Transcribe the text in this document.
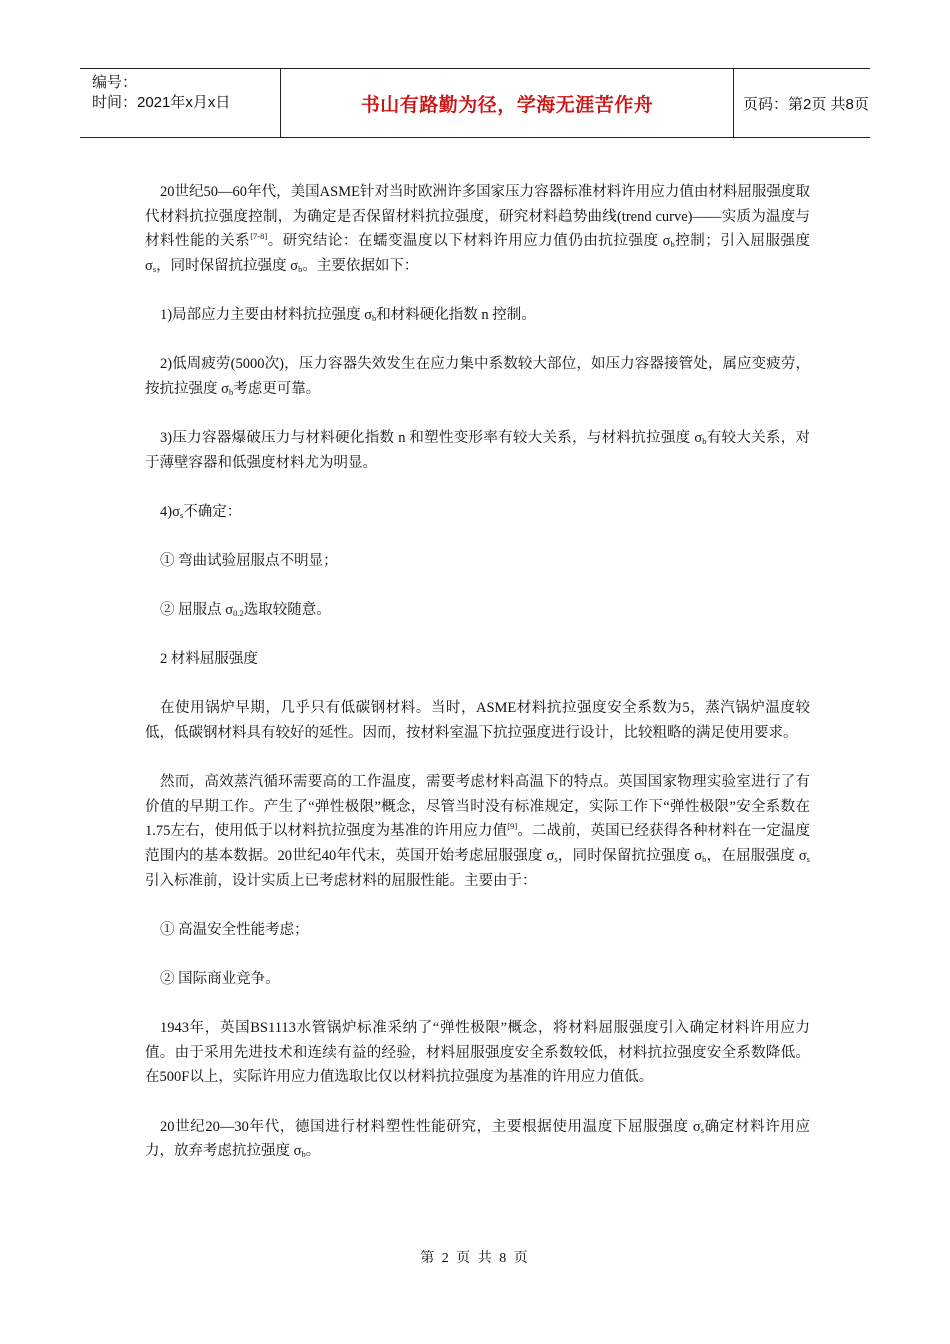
编号：
时间：2021年x月x日	书山有路勤为径，学海无涯苦作舟	页码：第2页 共8页

20世纪50—60年代，美国ASME针对当时欧洲许多国家压力容器标准材料许用应力值由材料屈服强度取代材料抗拉强度控制，为确定是否保留材料抗拉强度，研究材料趋势曲线(trend curve)——实质为温度与材料性能的关系[7-8]。研究结论：在蠕变温度以下材料许用应力值仍由抗拉强度 $\sigma_b$控制；引入屈服强度 $\sigma_s$，同时保留抗拉强度 $\sigma_b$。主要依据如下：

1)局部应力主要由材料抗拉强度 $\sigma_b$和材料硬化指数 n 控制。

2)低周疲劳(5000次)，压力容器失效发生在应力集中系数较大部位，如压力容器接管处，属应变疲劳，按抗拉强度 $\sigma_b$考虑更可靠。

3)压力容器爆破压力与材料硬化指数 n 和塑性变形率有较大关系，与材料抗拉强度 $\sigma_b$有较大关系，对于薄壁容器和低强度材料尤为明显。

$4)\sigma_s$不确定：

① 弯曲试验屈服点不明显；

② 屈服点 $\sigma_{0.2}$选取较随意。

2 材料屈服强度

在使用锅炉早期，几乎只有低碳钢材料。当时，ASME材料抗拉强度安全系数为5，蒸汽锅炉温度较低，低碳钢材料具有较好的延性。因而，按材料室温下抗拉强度进行设计，比较粗略的满足使用要求。

然而，高效蒸汽循环需要高的工作温度，需要考虑材料高温下的特点。英国国家物理实验室进行了有价值的早期工作。产生了“弹性极限”概念，尽管当时没有标准规定，实际工作下“弹性极限”安全系数在1.75左右，使用低于以材料抗拉强度为基准的许用应力值[9]。二战前，英国已经获得各种材料在一定温度范围内的基本数据。20世纪40年代末，英国开始考虑屈服强度 $\sigma_s$，同时保留抗拉强度 $\sigma_b$，在屈服强度 $\sigma_s$引入标准前，设计实质上已考虑材料的屈服性能。主要由于：

① 高温安全性能考虑；

② 国际商业竞争。

1943年，英国BS1113水管锅炉标准采纳了“弹性极限”概念，将材料屈服强度引入确定材料许用应力值。由于采用先进技术和连续有益的经验，材料屈服强度安全系数较低，材料抗拉强度安全系数降低。在500F以上，实际许用应力值选取比仅以材料抗拉强度为基准的许用应力值低。

20世纪20—30年代，德国进行材料塑性性能研究，主要根据使用温度下屈服强度 $\sigma_s$确定材料许用应力，放弃考虑抗拉强度 $\sigma_b$。

第 2 页 共 8 页
